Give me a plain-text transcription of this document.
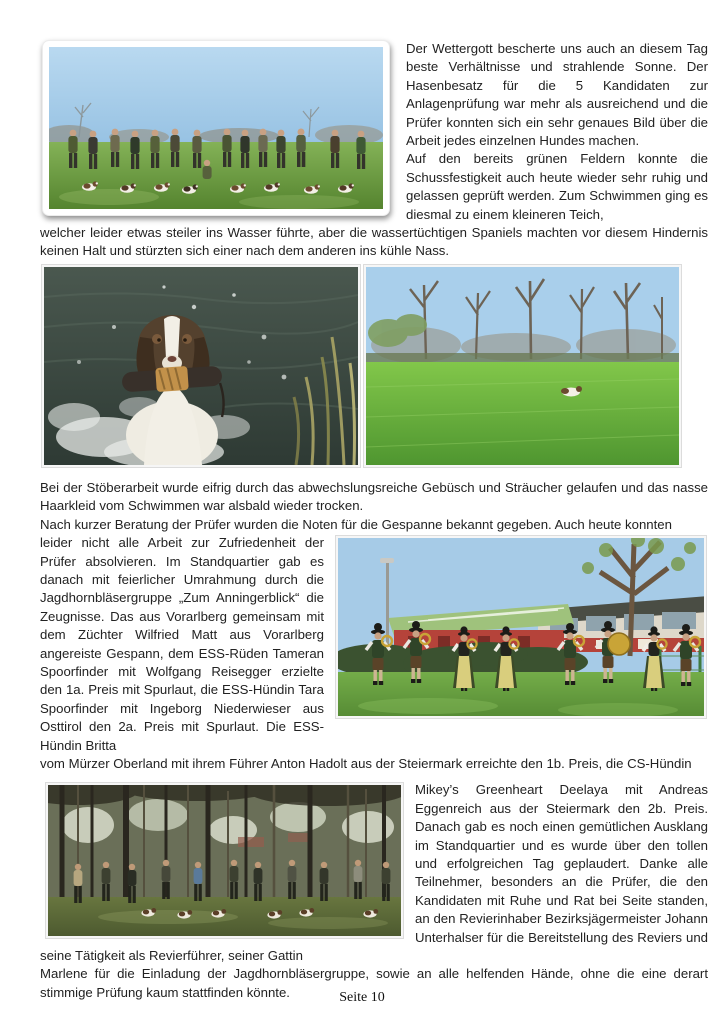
Der Wettergott bescherte uns auch an diesem Tag beste Verhältnisse und strahlende Sonne. Der Hasenbesatz für die 5 Kandidaten zur Anlagenprüfung war mehr als ausreichend und die Prüfer konnten sich ein sehr genaues Bild über die Arbeit jedes einzelnen Hundes machen.

Auf den bereits grünen Feldern konnte die Schussfestigkeit auch heute wieder sehr ruhig und gelassen geprüft werden. Zum Schwimmen ging es diesmal zu einem kleineren Teich,

welcher leider etwas steiler ins Wasser führte, aber die wassertüchtigen Spaniels machten vor diesem Hindernis keinen Halt und stürzten sich einer nach dem anderen ins kühle Nass.

Bei der Stöberarbeit wurde eifrig durch das abwechslungsreiche Gebüsch und Sträucher gelaufen und das nasse Haarkleid vom Schwimmen war alsbald wieder trocken.

Nach kurzer Beratung der Prüfer wurden die Noten für die Gespanne bekannt gegeben. Auch heute konnten

leider nicht alle Arbeit zur Zufriedenheit der Prüfer absolvieren. Im Standquartier gab es danach mit feierlicher Umrahmung durch die Jagdhornbläsergruppe „Zum Anningerblick“ die Zeugnisse. Das aus Vorarlberg gemeinsam mit dem Züchter Wilfried Matt aus Vorarlberg angereiste Gespann, dem ESS-Rüden Tameran Spoorfinder mit Wolfgang Reisegger erzielte den 1a. Preis mit Spurlaut, die ESS-Hündin Tara Spoorfinder mit Ingeborg Niederwieser aus Osttirol den 2a. Preis mit Spurlaut. Die ESS-Hündin Britta

vom Mürzer Oberland mit ihrem Führer Anton Hadolt aus der Steiermark erreichte den 1b. Preis, die CS-Hündin

Mikey’s Greenheart Deelaya mit Andreas Eggenreich aus der Steiermark den 2b. Preis. Danach gab es noch einen gemütlichen Ausklang im Standquartier und es wurde über den tollen und erfolgreichen Tag geplaudert. Danke alle Teilnehmer, besonders an die Prüfer, die den Kandidaten mit Ruhe und Rat bei Seite standen, an den Revierinhaber Bezirksjägermeister Johann Unterhalser für die Bereitstellung des Reviers und seine Tätigkeit als Revierführer, seiner Gattin

Marlene für die Einladung der Jagdhornbläsergruppe, sowie an alle helfenden Hände, ohne die eine derart stimmige Prüfung kaum stattfinden könnte.	Seite 10
